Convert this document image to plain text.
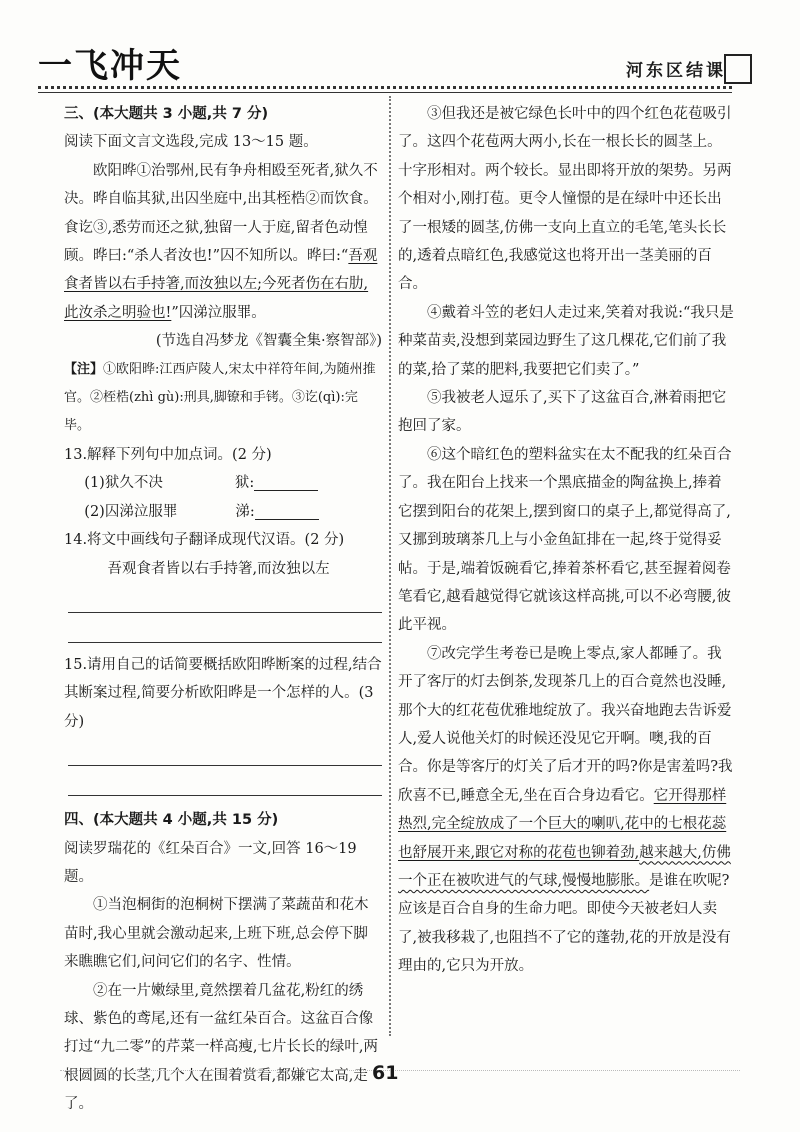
一飞冲天	河东区结课

三、(本大题共 3 小题,共 7 分)

阅读下面文言文选段,完成 13～15 题。

欧阳晔①治鄂州,民有争舟相殴至死者,狱久不决。晔自临其狱,出囚坐庭中,出其桎梏②而饮食。食讫③,悉劳而还之狱,独留一人于庭,留者色动惶顾。晔曰:“杀人者汝也!”囚不知所以。晔曰:“吾观食者皆以右手持箸,而汝独以左;今死者伤在右肋,此汝杀之明验也!”囚涕泣服罪。

(节选自冯梦龙《智囊全集·察智部》)

【注】①欧阳晔:江西庐陵人,宋太中祥符年间,为随州推官。②桎梏(zhì gù):刑具,脚镣和手铐。③讫(qì):完毕。

13.解释下列句中加点词。(2 分)

(1)狱久不决	狱:

(2)囚涕泣服罪	涕:

14.将文中画线句子翻译成现代汉语。(2 分)

吾观食者皆以右手持箸,而汝独以左

15.请用自己的话简要概括欧阳晔断案的过程,结合其断案过程,简要分析欧阳晔是一个怎样的人。(3 分)

四、(本大题共 4 小题,共 15 分)

阅读罗瑞花的《红朵百合》一文,回答 16～19 题。

①当泡桐街的泡桐树下摆满了菜蔬苗和花木苗时,我心里就会激动起来,上班下班,总会停下脚来瞧瞧它们,问问它们的名字、性情。

②在一片嫩绿里,竟然摆着几盆花,粉红的绣球、紫色的鸢尾,还有一盆红朵百合。这盆百合像打过“九二零”的芹菜一样高瘦,七片长长的绿叶,两根圆圆的长茎,几个人在围着赏看,都嫌它太高,走了。

③但我还是被它绿色长叶中的四个红色花苞吸引了。这四个花苞两大两小,长在一根长长的圆茎上。十字形相对。两个较长。显出即将开放的架势。另两个相对小,刚打苞。更令人憧憬的是在绿叶中还长出了一根矮的圆茎,仿佛一支向上直立的毛笔,笔头长长的,透着点暗红色,我感觉这也将开出一茎美丽的百合。

④戴着斗笠的老妇人走过来,笑着对我说:“我只是种菜苗卖,没想到菜园边野生了这几棵花,它们前了我的菜,拾了菜的肥料,我要把它们卖了。”

⑤我被老人逗乐了,买下了这盆百合,淋着雨把它抱回了家。

⑥这个暗红色的塑料盆实在太不配我的红朵百合了。我在阳台上找来一个黑底描金的陶盆换上,捧着它摆到阳台的花架上,摆到窗口的桌子上,都觉得高了,又挪到玻璃茶几上与小金鱼缸排在一起,终于觉得妥帖。于是,端着饭碗看它,捧着茶杯看它,甚至握着阅卷笔看它,越看越觉得它就该这样高挑,可以不必弯腰,彼此平视。

⑦改完学生考卷已是晚上零点,家人都睡了。我开了客厅的灯去倒茶,发现茶几上的百合竟然也没睡,那个大的红花苞优雅地绽放了。我兴奋地跑去告诉爱人,爱人说他关灯的时候还没见它开啊。噢,我的百合。你是等客厅的灯关了后才开的吗?你是害羞吗?我欣喜不已,睡意全无,坐在百合身边看它。它开得那样热烈,完全绽放成了一个巨大的喇叭,花中的七根花蕊也舒展开来,跟它对称的花苞也铆着劲,越来越大,仿佛一个正在被吹进气的气球,慢慢地膨胀。是谁在吹呢?应该是百合自身的生命力吧。即使今天被老妇人卖了,被我移栽了,也阻挡不了它的蓬勃,花的开放是没有理由的,它只为开放。

61
